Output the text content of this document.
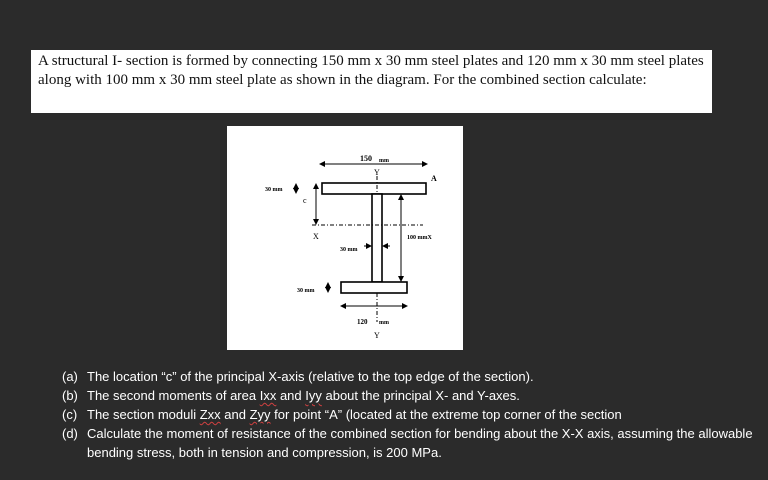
A structural I- section is formed by connecting 150 mm x 30 mm steel plates and 120 mm x 30 mm steel plates along with 100 mm x 30 mm steel plate as shown in the diagram. For the combined section calculate:

150 mm
A
Y
Y
X
c
30 mm
100 mmX
30 mm
30 mm
120 mm
(a) The location “c” of the principal X-axis (relative to the top edge of the section).
(b) The second moments of area Ixx and Iyy about the principal X- and Y-axes.
(c) The section moduli Zxx and Zyy for point “A” (located at the extreme top corner of the section
(d) Calculate the moment of resistance of the combined section for bending about the X-X axis, assuming the allowable bending stress, both in tension and compression, is 200 MPa.
